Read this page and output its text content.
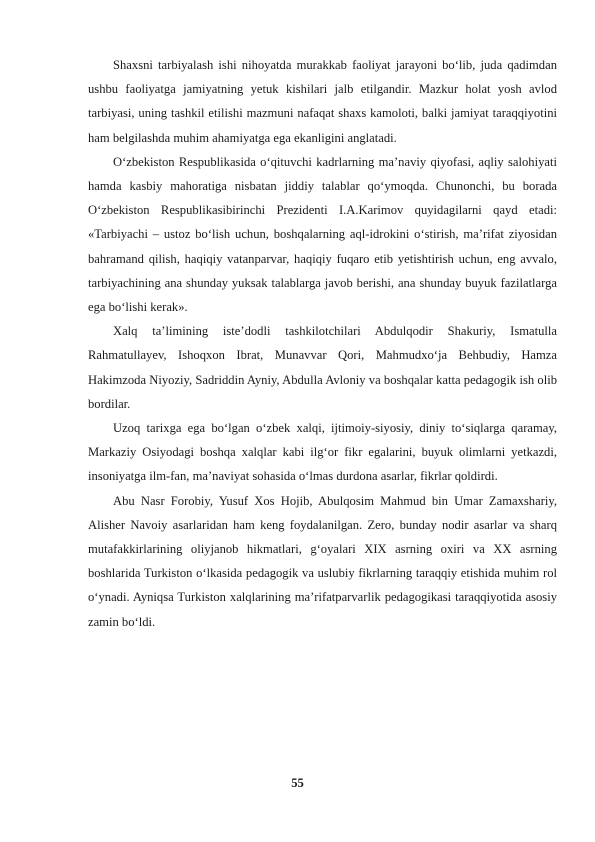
Shaxsni tarbiyalash ishi nihoyatda murakkab faoliyat jarayoni bo‘lib, juda qadimdan ushbu faoliyatga jamiyatning yetuk kishilari jalb etilgandir. Mazkur holat yosh avlod tarbiyasi, uning tashkil etilishi mazmuni nafaqat shaxs kamoloti, balki jamiyat taraqqiyotini ham belgilashda muhim ahamiyatga ega ekanligini anglatadi.

O‘zbekiston Respublikasida o‘qituvchi kadrlarning ma’naviy qiyofasi, aqliy salohiyati hamda kasbiy mahoratiga nisbatan jiddiy talablar qo‘ymoqda. Chunonchi, bu borada O‘zbekiston Respublikasibirinchi Prezidenti I.A.Karimov quyidagilarni qayd etadi: «Tarbiyachi – ustoz bo‘lish uchun, boshqalarning aql-idrokini o‘stirish, ma’rifat ziyosidan bahramand qilish, haqiqiy vatanparvar, haqiqiy fuqaro etib yetishtirish uchun, eng avvalo, tarbiyachining ana shunday yuksak talablarga javob berishi, ana shunday buyuk fazilatlarga ega bo‘lishi kerak».

Xalq ta’limining iste’dodli tashkilotchilari Abdulqodir Shakuriy, Ismatulla Rahmatullayev, Ishoqxon Ibrat, Munavvar Qori, Mahmudxo‘ja Behbudiy, Hamza Hakimzoda Niyoziy, Sadriddin Ayniy, Abdulla Avloniy va boshqalar katta pedagogik ish olib bordilar.

Uzoq tarixga ega bo‘lgan o‘zbek xalqi, ijtimoiy-siyosiy, diniy to‘siqlarga qaramay, Markaziy Osiyodagi boshqa xalqlar kabi ilg‘or fikr egalarini, buyuk olimlarni yetkazdi, insoniyatga ilm-fan, ma’naviyat sohasida o‘lmas durdona asarlar, fikrlar qoldirdi.

Abu Nasr Forobiy, Yusuf Xos Hojib, Abulqosim Mahmud bin Umar Zamaxshariy, Alisher Navoiy asarlaridan ham keng foydalanilgan. Zero, bunday nodir asarlar va sharq mutafakkirlarining oliyjanob hikmatlari, g‘oyalari XIX asrning oxiri va XX asrning boshlarida Turkiston o‘lkasida pedagogik va uslubiy fikrlarning taraqqiy etishida muhim rol o‘ynadi. Ayniqsa Turkiston xalqlarining ma’rifatparvarlik pedagogikasi taraqqiyotida asosiy zamin bo‘ldi.

55
